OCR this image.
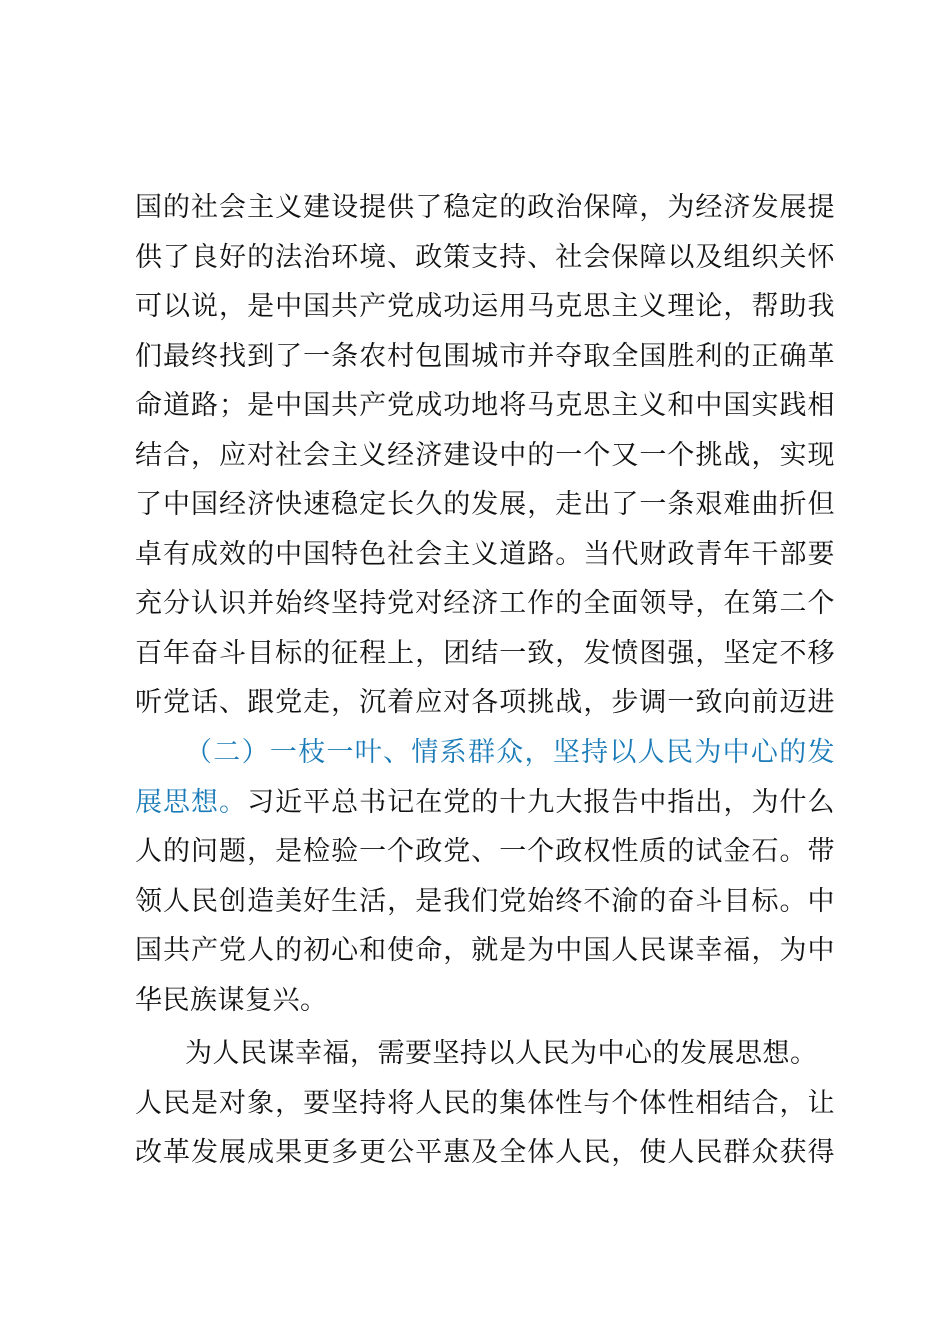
国的社会主义建设提供了稳定的政治保障，为经济发展提
供了良好的法治环境、政策支持、社会保障以及组织关怀
可以说，是中国共产党成功运用马克思主义理论，帮助我
们最终找到了一条农村包围城市并夺取全国胜利的正确革
命道路；是中国共产党成功地将马克思主义和中国实践相
结合，应对社会主义经济建设中的一个又一个挑战，实现
了中国经济快速稳定长久的发展，走出了一条艰难曲折但
卓有成效的中国特色社会主义道路。当代财政青年干部要
充分认识并始终坚持党对经济工作的全面领导，在第二个
百年奋斗目标的征程上，团结一致，发愤图强，坚定不移
听党话、跟党走，沉着应对各项挑战，步调一致向前迈进
（二）一枝一叶、情系群众，坚持以人民为中心的发
展思想。习近平总书记在党的十九大报告中指出，为什么
人的问题，是检验一个政党、一个政权性质的试金石。带
领人民创造美好生活，是我们党始终不渝的奋斗目标。中
国共产党人的初心和使命，就是为中国人民谋幸福，为中
华民族谋复兴。
为人民谋幸福，需要坚持以人民为中心的发展思想。
人民是对象，要坚持将人民的集体性与个体性相结合，让
改革发展成果更多更公平惠及全体人民，使人民群众获得
